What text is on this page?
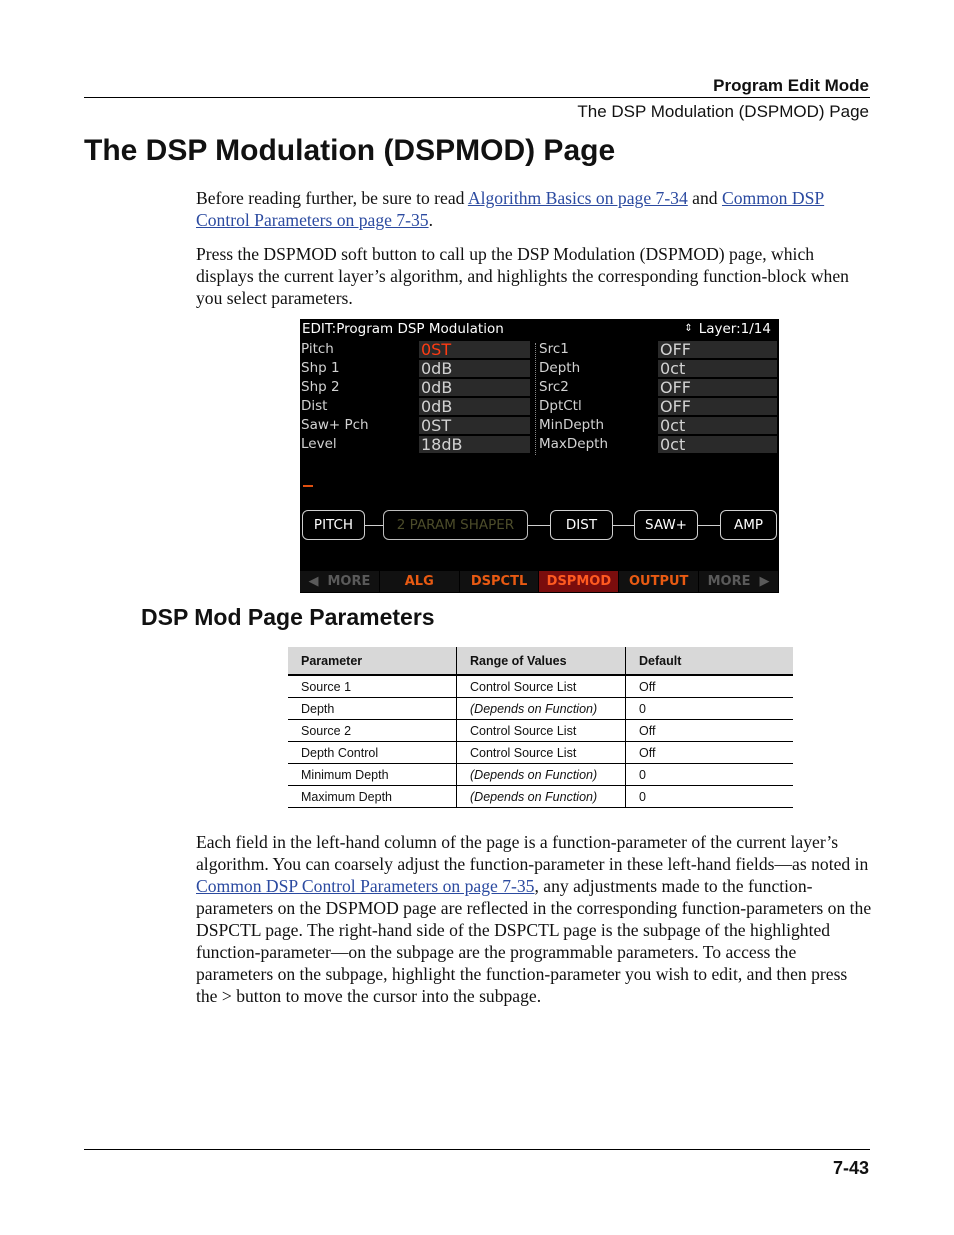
Program Edit Mode
The DSP Modulation (DSPMOD) Page
The DSP Modulation (DSPMOD) Page

Before reading further, be sure to read Algorithm Basics on page 7-34 and Common DSP Control Parameters on page 7-35.

Press the DSPMOD soft button to call up the DSP Modulation (DSPMOD) page, which displays the current layer’s algorithm, and highlights the corresponding function-block when you select parameters.

EDIT:Program DSP Modulation	⇕ Layer:1/14
Pitch	0ST
Shp 1	0dB
Shp 2	0dB
Dist	0dB
Saw+ Pch	0ST
Level	18dB
Src1	OFF
Depth	0ct
Src2	OFF
DptCtl	OFF
MinDepth	0ct
MaxDepth	0ct
PITCH	2 PARAM SHAPER	DIST	SAW+	AMP
◀ MORE	ALG	DSPCTL	DSPMOD	OUTPUT	MORE ▶
DSP Mod Page Parameters
Parameter	Range of Values	Default
Source 1	Control Source List	Off
Depth	(Depends on Function)	0
Source 2	Control Source List	Off
Depth Control	Control Source List	Off
Minimum Depth	(Depends on Function)	0
Maximum Depth	(Depends on Function)	0

Each field in the left-hand column of the page is a function-parameter of the current layer’s algorithm. You can coarsely adjust the function-parameter in these left-hand fields—as noted in Common DSP Control Parameters on page 7-35, any adjustments made to the function-parameters on the DSPMOD page are reflected in the corresponding function-parameters on the DSPCTL page. The right-hand side of the DSPCTL page is the subpage of the highlighted function-parameter—on the subpage are the programmable parameters. To access the parameters on the subpage, highlight the function-parameter you wish to edit, and then press the > button to move the cursor into the subpage.

7-43
